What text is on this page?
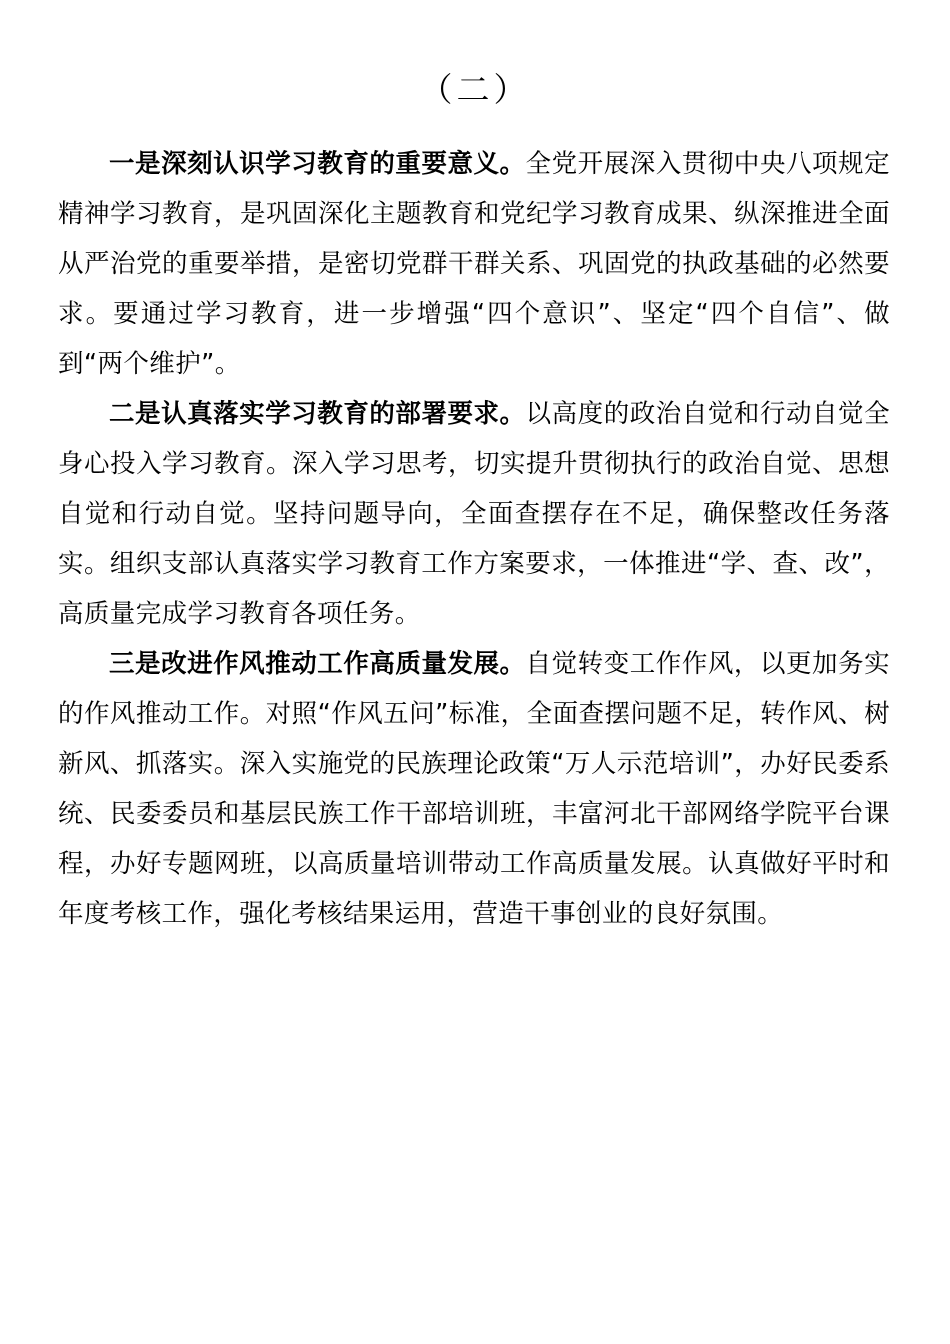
（二）

一是深刻认识学习教育的重要意义。全党开展深入贯彻中央八项规定精神学习教育，是巩固深化主题教育和党纪学习教育成果、纵深推进全面从严治党的重要举措，是密切党群干群关系、巩固党的执政基础的必然要求。要通过学习教育，进一步增强“四个意识”、坚定“四个自信”、做到“两个维护”。

二是认真落实学习教育的部署要求。以高度的政治自觉和行动自觉全身心投入学习教育。深入学习思考，切实提升贯彻执行的政治自觉、思想自觉和行动自觉。坚持问题导向，全面查摆存在不足，确保整改任务落实。组织支部认真落实学习教育工作方案要求，一体推进“学、查、改”，高质量完成学习教育各项任务。

三是改进作风推动工作高质量发展。自觉转变工作作风，以更加务实的作风推动工作。对照“作风五问”标准，全面查摆问题不足，转作风、树新风、抓落实。深入实施党的民族理论政策“万人示范培训”，办好民委系统、民委委员和基层民族工作干部培训班，丰富河北干部网络学院平台课程，办好专题网班，以高质量培训带动工作高质量发展。认真做好平时和年度考核工作，强化考核结果运用，营造干事创业的良好氛围。
